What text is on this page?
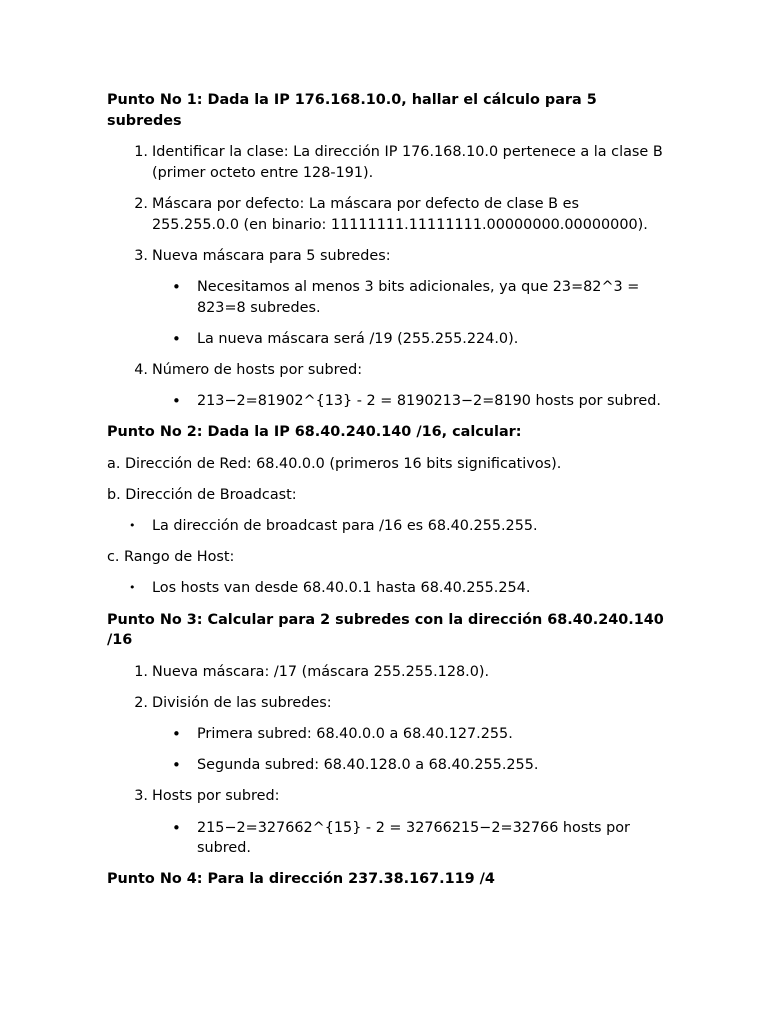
Punto No 1: Dada la IP 176.168.10.0, hallar el cálculo para 5 subredes
1. Identificar la clase: La dirección IP 176.168.10.0 pertenece a la clase B (primer octeto entre 128-191).
2. Máscara por defecto: La máscara por defecto de clase B es 255.255.0.0 (en binario: 11111111.11111111.00000000.00000000).
3. Nueva máscara para 5 subredes:
• Necesitamos al menos 3 bits adicionales, ya que 23=82^3 = 823=8 subredes.
• La nueva máscara será /19 (255.255.224.0).
4. Número de hosts por subred:
• 213−2=81902^{13} - 2 = 8190213−2=8190 hosts por subred.
Punto No 2: Dada la IP 68.40.240.140 /16, calcular:
a. Dirección de Red: 68.40.0.0 (primeros 16 bits significativos).
b. Dirección de Broadcast:
• La dirección de broadcast para /16 es 68.40.255.255.
c. Rango de Host:
• Los hosts van desde 68.40.0.1 hasta 68.40.255.254.
Punto No 3: Calcular para 2 subredes con la dirección 68.40.240.140 /16
1. Nueva máscara: /17 (máscara 255.255.128.0).
2. División de las subredes:
• Primera subred: 68.40.0.0 a 68.40.127.255.
• Segunda subred: 68.40.128.0 a 68.40.255.255.
3. Hosts por subred:
• 215−2=327662^{15} - 2 = 32766215−2=32766 hosts por subred.
Punto No 4: Para la dirección 237.38.167.119 /4
